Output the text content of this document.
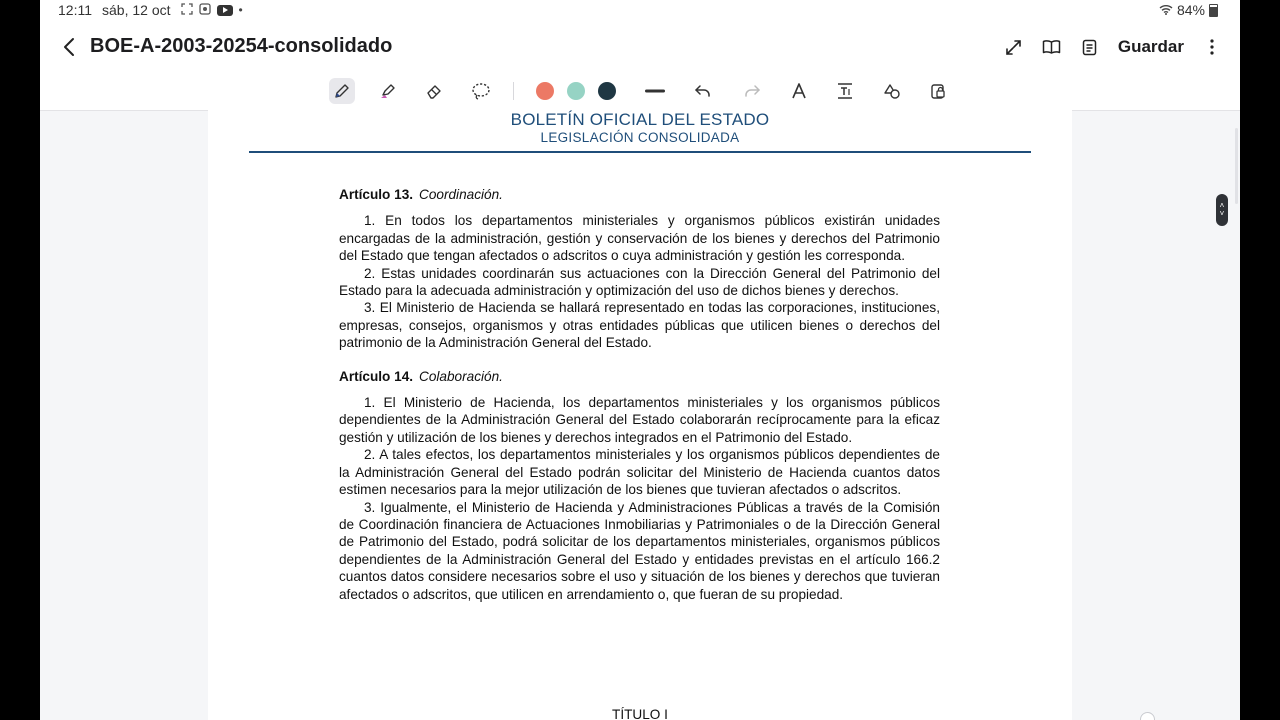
12:11 sáb, 12 oct	•	84%
BOE-A-2003-20254-consolidado	Guardar
BOLETÍN OFICIAL DEL ESTADO
LEGISLACIÓN CONSOLIDADA

Artículo 13. Coordinación.

1. En todos los departamentos ministeriales y organismos públicos existirán unidades encargadas de la administración, gestión y conservación de los bienes y derechos del Patrimonio del Estado que tengan afectados o adscritos o cuya administración y gestión les corresponda.

2. Estas unidades coordinarán sus actuaciones con la Dirección General del Patrimonio del Estado para la adecuada administración y optimización del uso de dichos bienes y derechos.

3. El Ministerio de Hacienda se hallará representado en todas las corporaciones, instituciones, empresas, consejos, organismos y otras entidades públicas que utilicen bienes o derechos del patrimonio de la Administración General del Estado.

Artículo 14. Colaboración.

1. El Ministerio de Hacienda, los departamentos ministeriales y los organismos públicos dependientes de la Administración General del Estado colaborarán recíprocamente para la eficaz gestión y utilización de los bienes y derechos integrados en el Patrimonio del Estado.

2. A tales efectos, los departamentos ministeriales y los organismos públicos dependientes de la Administración General del Estado podrán solicitar del Ministerio de Hacienda cuantos datos estimen necesarios para la mejor utilización de los bienes que tuvieran afectados o adscritos.

3. Igualmente, el Ministerio de Hacienda y Administraciones Públicas a través de la Comisión de Coordinación financiera de Actuaciones Inmobiliarias y Patrimoniales o de la Dirección General de Patrimonio del Estado, podrá solicitar de los departamentos ministeriales, organismos públicos dependientes de la Administración General del Estado y entidades previstas en el artículo 166.2 cuantos datos considere necesarios sobre el uso y situación de los bienes y derechos que tuvieran afectados o adscritos, que utilicen en arrendamiento o, que fueran de su propiedad.

TÍTULO I
˄
˅
